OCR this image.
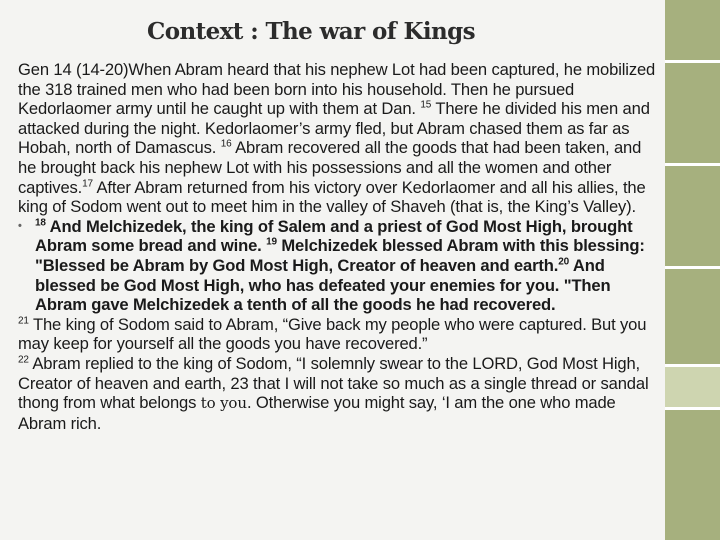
Context : The war of Kings

Gen 14 (14-20)When Abram heard that his nephew Lot had been captured, he mobilized the 318 trained men who had been born into his household. Then he pursued Kedorlaomer army until he caught up with them at Dan. $^{15}$ There he divided his men and attacked during the night. Kedorlaomer’s army fled, but Abram chased them as far as Hobah, north of Damascus. $^{16}$ Abram recovered all the goods that had been taken, and he brought back his nephew Lot with his possessions and all the women and other captives.$^{17}$ After Abram returned from his victory over Kedorlaomer and all his allies, the king of Sodom went out to meet him in the valley of Shaveh (that is, the King’s Valley).

• $^{18}$ And Melchizedek, the king of Salem and a priest of God Most High, brought Abram some bread and wine. $^{19}$ Melchizedek blessed Abram with this blessing: "Blessed be Abram by God Most High, Creator of heaven and earth.$^{20}$ And blessed be God Most High, who has defeated your enemies for you. "Then Abram gave Melchizedek a tenth of all the goods he had recovered.

$^{21}$ The king of Sodom said to Abram, “Give back my people who were captured. But you may keep for yourself all the goods you have recovered.”

$^{22}$ Abram replied to the king of Sodom, “I solemnly swear to the LORD, God Most High, Creator of heaven and earth, 23 that I will not take so much as a single thread or sandal thong from what belongs to you. Otherwise you might say, ‘I am the one who made Abram rich.
